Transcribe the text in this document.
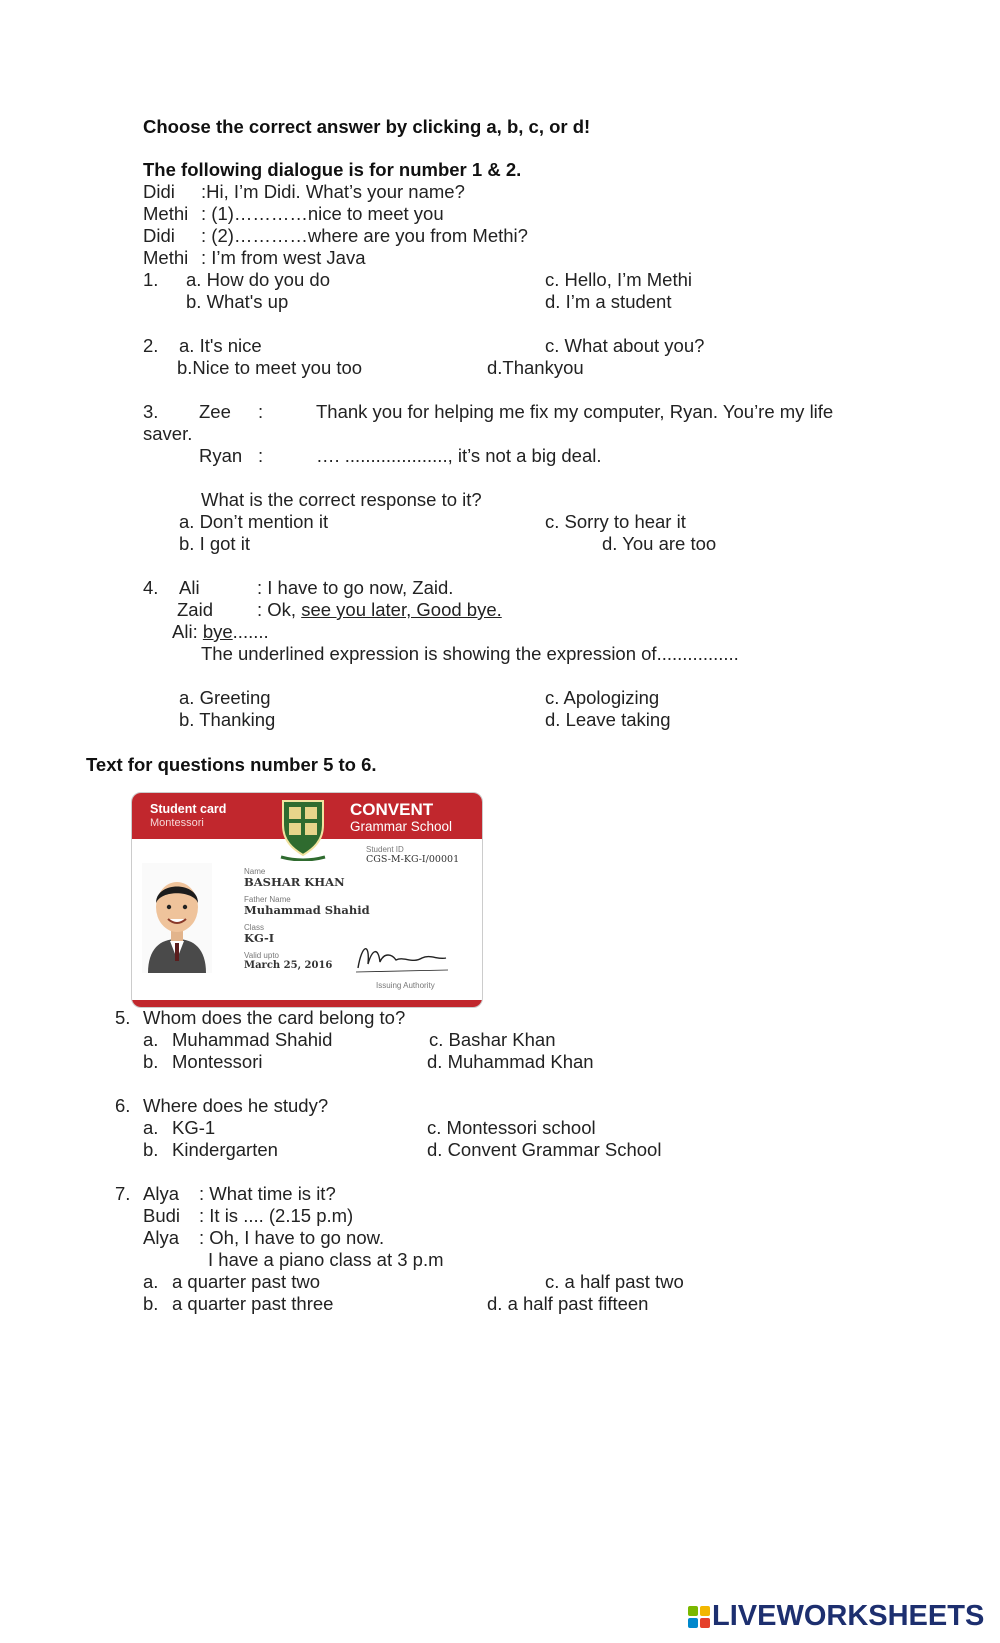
Choose the correct answer by clicking a, b, c, or d!
The following dialogue is for number 1 & 2.
Didi :Hi, I’m Didi. What’s your name?
Methi : (1)…………nice to meet you
Didi : (2)…………where are you from Methi?
Methi : I’m from west Java
1. a. How do you do
b. What's up
c. Hello, I’m Methi
d. I’m a student
2. a. It's nice
b.Nice to meet you too
c. What about you?
d.Thankyou
3. Zee :	Thank you for helping me fix my computer, Ryan. You’re my life
saver.
Ryan :	…. ...................., it’s not a big deal.
What is the correct response to it?
a. Don’t mention it
b. I got it
c. Sorry to hear it
d. You are too
4. Ali	: I have to go now, Zaid.
Zaid : Ok, see you later, Good bye.
Ali: bye.......
The underlined expression is showing the expression of................
a. Greeting
b. Thanking
c. Apologizing
d. Leave taking
Text for questions number 5 to 6.
Student card
Montessori
CONVENT
Grammar School
Student ID
CGS-M-KG-I/00001
Name
BASHAR KHAN
Father Name
Muhammad Shahid
Class
KG-I
Valid upto
March 25, 2016
Issuing Authority
5. Whom does the card belong to?
a. Muhammad Shahid
b. Montessori
c. Bashar Khan
d. Muhammad Khan
6. Where does he study?
a. KG-1
b. Kindergarten
c. Montessori school
d. Convent Grammar School
7. Alya : What time is it?
Budi : It is .... (2.15 p.m)
Alya : Oh, I have to go now.
I have a piano class at 3 p.m
a. a quarter past two
b. a quarter past three
c. a half past two
d. a half past fifteen
LIVEWORKSHEETS
